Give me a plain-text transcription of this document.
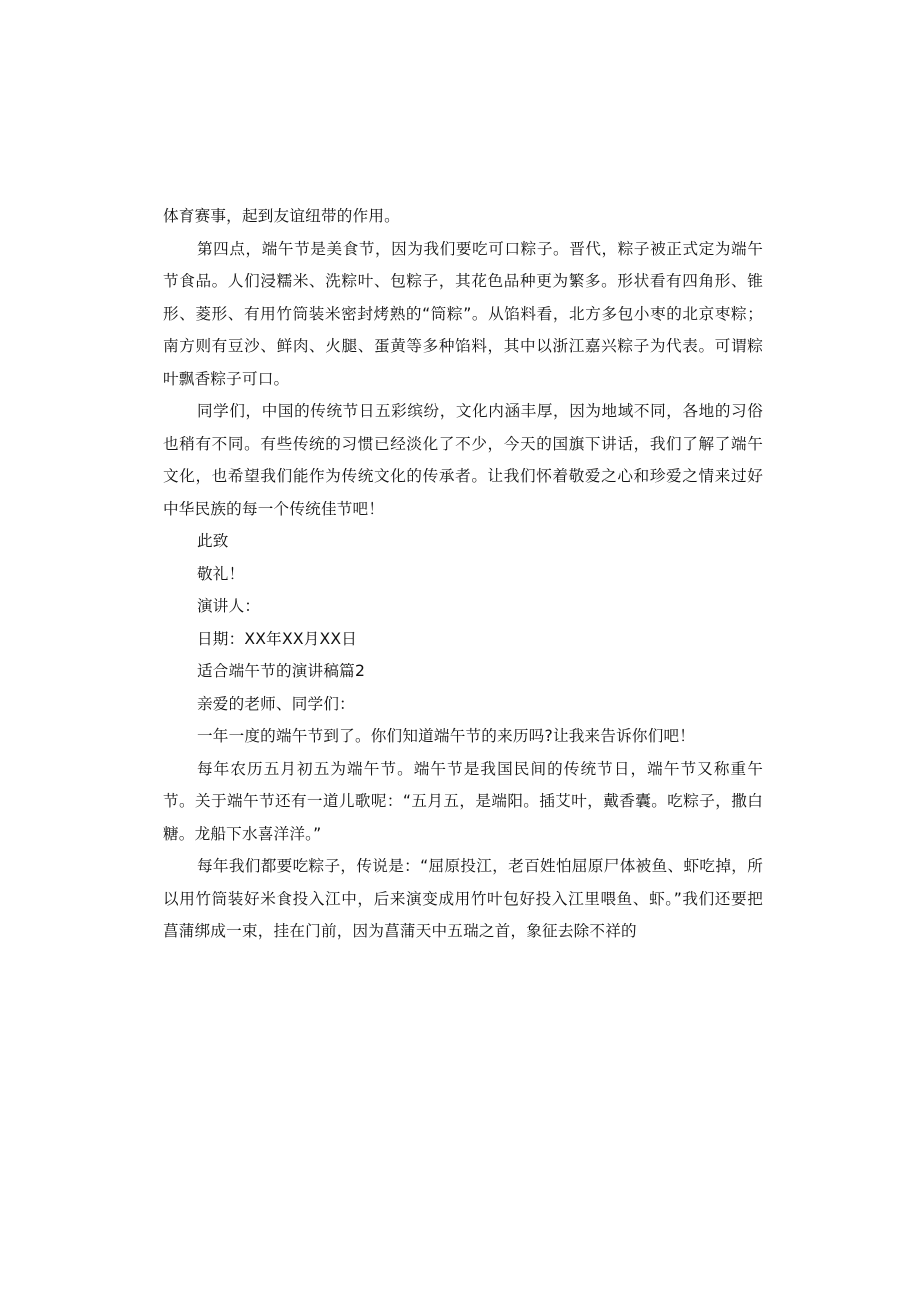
体育赛事，起到友谊纽带的作用。

第四点，端午节是美食节，因为我们要吃可口粽子。晋代，粽子被正式定为端午节食品。人们浸糯米、洗粽叶、包粽子，其花色品种更为繁多。形状看有四角形、锥形、菱形、有用竹筒装米密封烤熟的“筒粽”。从馅料看，北方多包小枣的北京枣粽；南方则有豆沙、鲜肉、火腿、蛋黄等多种馅料，其中以浙江嘉兴粽子为代表。可谓粽叶飘香粽子可口。

同学们，中国的传统节日五彩缤纷，文化内涵丰厚，因为地域不同，各地的习俗也稍有不同。有些传统的习惯已经淡化了不少，今天的国旗下讲话，我们了解了端午文化，也希望我们能作为传统文化的传承者。让我们怀着敬爱之心和珍爱之情来过好中华民族的每一个传统佳节吧！

此致

敬礼！

演讲人：

日期：XX年XX月XX日

适合端午节的演讲稿篇2

亲爱的老师、同学们：

一年一度的端午节到了。你们知道端午节的来历吗?让我来告诉你们吧！

每年农历五月初五为端午节。端午节是我国民间的传统节日，端午节又称重午节。关于端午节还有一道儿歌呢：“五月五，是端阳。插艾叶，戴香囊。吃粽子，撒白糖。龙船下水喜洋洋。”

每年我们都要吃粽子，传说是：“屈原投江，老百姓怕屈原尸体被鱼、虾吃掉，所以用竹筒装好米食投入江中，后来演变成用竹叶包好投入江里喂鱼、虾。”我们还要把菖蒲绑成一束，挂在门前，因为菖蒲天中五瑞之首，象征去除不祥的
